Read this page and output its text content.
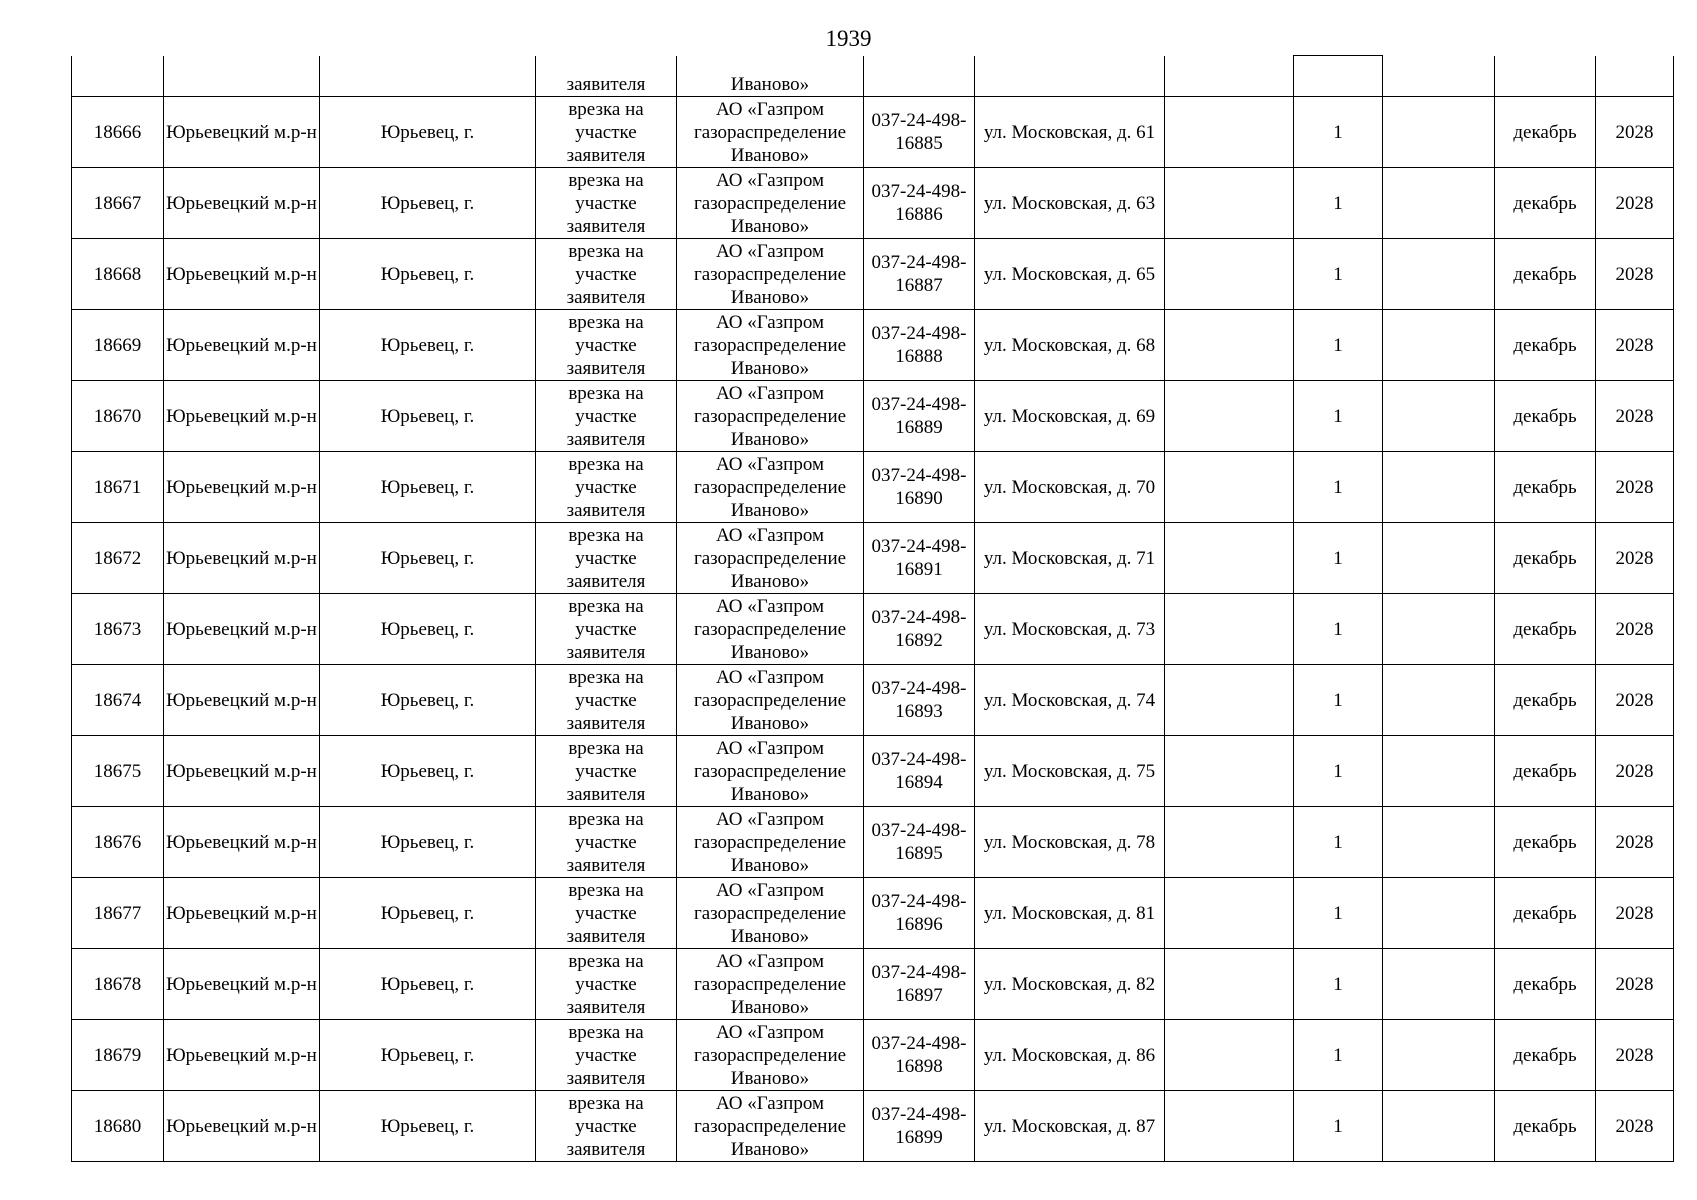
1939
			заявителя	Иваново»							
18666	Юрьевецкий м.р-н	Юрьевец, г.	врезка на участке заявителя	АО «Газпром газораспределение Иваново»	037-24-498-16885	ул. Московская, д. 61		1		декабрь	2028
18667	Юрьевецкий м.р-н	Юрьевец, г.	врезка на участке заявителя	АО «Газпром газораспределение Иваново»	037-24-498-16886	ул. Московская, д. 63		1		декабрь	2028
18668	Юрьевецкий м.р-н	Юрьевец, г.	врезка на участке заявителя	АО «Газпром газораспределение Иваново»	037-24-498-16887	ул. Московская, д. 65		1		декабрь	2028
18669	Юрьевецкий м.р-н	Юрьевец, г.	врезка на участке заявителя	АО «Газпром газораспределение Иваново»	037-24-498-16888	ул. Московская, д. 68		1		декабрь	2028
18670	Юрьевецкий м.р-н	Юрьевец, г.	врезка на участке заявителя	АО «Газпром газораспределение Иваново»	037-24-498-16889	ул. Московская, д. 69		1		декабрь	2028
18671	Юрьевецкий м.р-н	Юрьевец, г.	врезка на участке заявителя	АО «Газпром газораспределение Иваново»	037-24-498-16890	ул. Московская, д. 70		1		декабрь	2028
18672	Юрьевецкий м.р-н	Юрьевец, г.	врезка на участке заявителя	АО «Газпром газораспределение Иваново»	037-24-498-16891	ул. Московская, д. 71		1		декабрь	2028
18673	Юрьевецкий м.р-н	Юрьевец, г.	врезка на участке заявителя	АО «Газпром газораспределение Иваново»	037-24-498-16892	ул. Московская, д. 73		1		декабрь	2028
18674	Юрьевецкий м.р-н	Юрьевец, г.	врезка на участке заявителя	АО «Газпром газораспределение Иваново»	037-24-498-16893	ул. Московская, д. 74		1		декабрь	2028
18675	Юрьевецкий м.р-н	Юрьевец, г.	врезка на участке заявителя	АО «Газпром газораспределение Иваново»	037-24-498-16894	ул. Московская, д. 75		1		декабрь	2028
18676	Юрьевецкий м.р-н	Юрьевец, г.	врезка на участке заявителя	АО «Газпром газораспределение Иваново»	037-24-498-16895	ул. Московская, д. 78		1		декабрь	2028
18677	Юрьевецкий м.р-н	Юрьевец, г.	врезка на участке заявителя	АО «Газпром газораспределение Иваново»	037-24-498-16896	ул. Московская, д. 81		1		декабрь	2028
18678	Юрьевецкий м.р-н	Юрьевец, г.	врезка на участке заявителя	АО «Газпром газораспределение Иваново»	037-24-498-16897	ул. Московская, д. 82		1		декабрь	2028
18679	Юрьевецкий м.р-н	Юрьевец, г.	врезка на участке заявителя	АО «Газпром газораспределение Иваново»	037-24-498-16898	ул. Московская, д. 86		1		декабрь	2028
18680	Юрьевецкий м.р-н	Юрьевец, г.	врезка на участке заявителя	АО «Газпром газораспределение Иваново»	037-24-498-16899	ул. Московская, д. 87		1		декабрь	2028
